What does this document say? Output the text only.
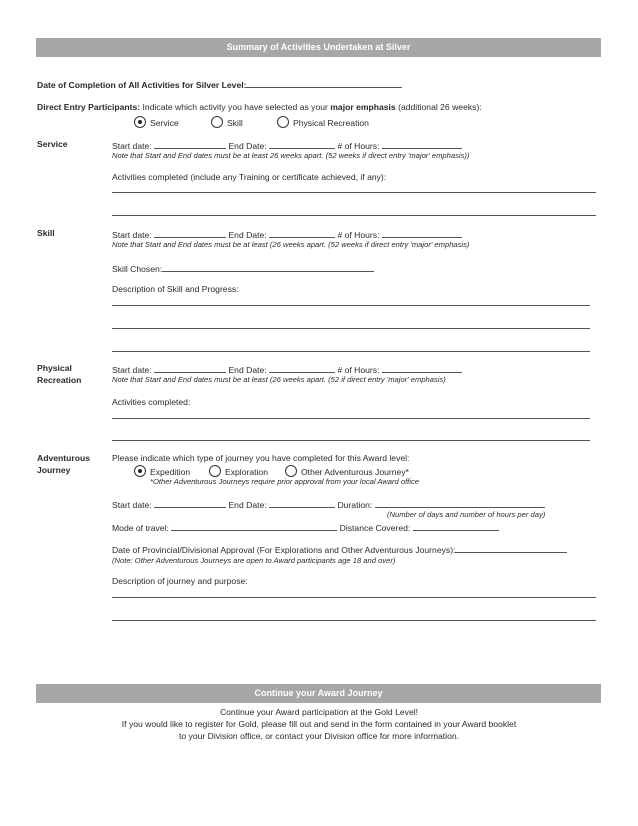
Summary of Activities Undertaken at Silver
Date of Completion of All Activities for Silver Level:
Direct Entry Participants: Indicate which activity you have selected as your major emphasis (additional 26 weeks):
Service	Skill	Physical Recreation
Service	Start date:	End Date:	# of Hours:
Note that Start and End dates must be at least 26 weeks apart. (52 weeks if direct entry 'major' emphasis))
Activities completed (include any Training or certificate achieved, if any):
Skill	Start date:	End Date:	# of Hours:
Note that Start and End dates must be at least (26 weeks apart. (52 weeks if direct entry 'major' emphasis)
Skill Chosen:
Description of Skill and Progress:
Physical
Recreation
Start date:	End Date:	# of Hours:
Note that Start and End dates must be at least (26 weeks apart. (52 if direct entry 'major' emphasis)
Activities completed:
Adventurous
Journey
Please indicate which type of journey you have completed for this Award level:
Expedition	Exploration	Other Adventurous Journey*
*Other Adventurous Journeys require prior approval from your local Award office
Start date:	End Date:	Duration:
(Number of days and number of hours per day)
Mode of travel:	Distance Covered:
Date of Provincial/Divisional Approval (For Explorations and Other Adventurous Journeys):
(Note: Other Adventurous Journeys are open to Award participants age 18 and over)
Description of journey and purpose:
Continue your Award Journey
Continue your Award participation at the Gold Level!
If you would like to register for Gold, please fill out and send in the form contained in your Award booklet
to your Division office, or contact your Division office for more information.
